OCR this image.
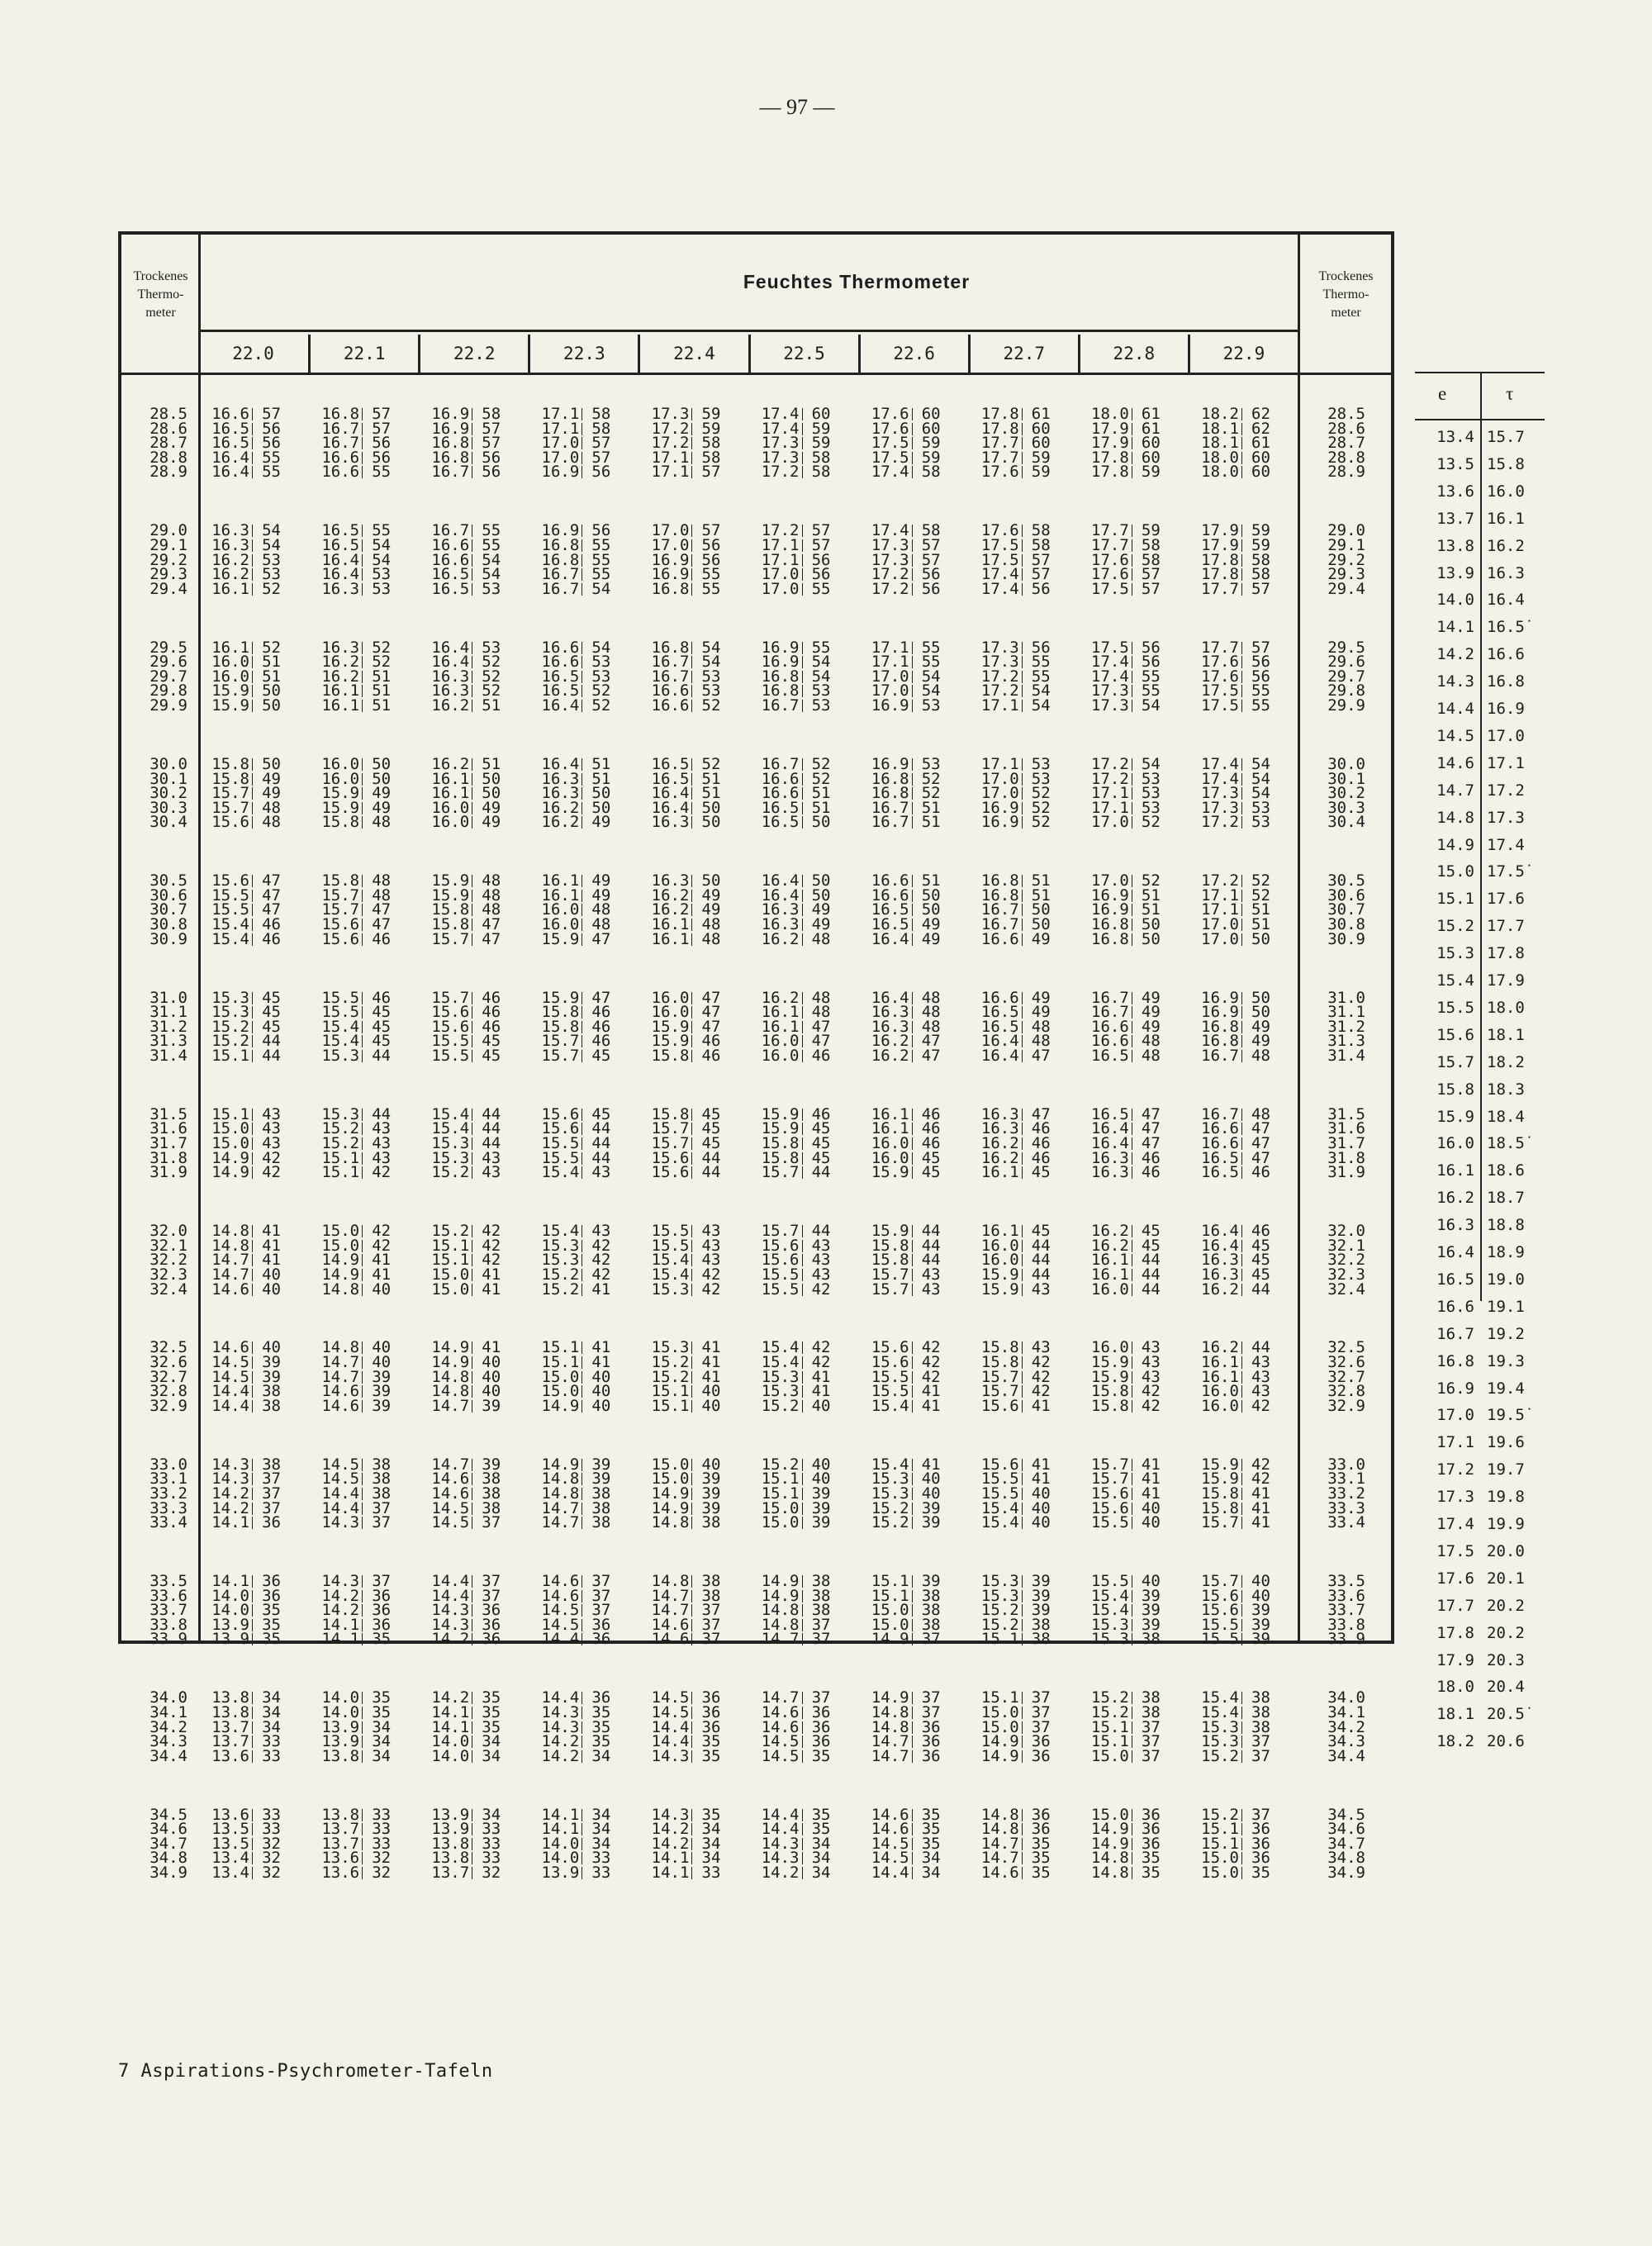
— 97 —
Trockenes
Thermo-
meter
Trockenes
Thermo-
meter
Feuchtes Thermometer
22.0	22.1	22.2	22.3	22.4	22.5	22.6	22.7	22.8	22.9
28.5	16.6 57	16.8 57	16.9 58	17.1 58	17.3 59	17.4 60	17.6 60	17.8 61	18.0 61	18.2 62	28.5
28.6	16.5 56	16.7 57	16.9 57	17.1 58	17.2 59	17.4 59	17.6 60	17.8 60	17.9 61	18.1 62	28.6
28.7	16.5 56	16.7 56	16.8 57	17.0 57	17.2 58	17.3 59	17.5 59	17.7 60	17.9 60	18.1 61	28.7
28.8	16.4 55	16.6 56	16.8 56	17.0 57	17.1 58	17.3 58	17.5 59	17.7 59	17.8 60	18.0 60	28.8
28.9	16.4 55	16.6 55	16.7 56	16.9 56	17.1 57	17.2 58	17.4 58	17.6 59	17.8 59	18.0 60	28.9
29.0	16.3 54	16.5 55	16.7 55	16.9 56	17.0 57	17.2 57	17.4 58	17.6 58	17.7 59	17.9 59	29.0
29.1	16.3 54	16.5 54	16.6 55	16.8 55	17.0 56	17.1 57	17.3 57	17.5 58	17.7 58	17.9 59	29.1
29.2	16.2 53	16.4 54	16.6 54	16.8 55	16.9 56	17.1 56	17.3 57	17.5 57	17.6 58	17.8 58	29.2
29.3	16.2 53	16.4 53	16.5 54	16.7 55	16.9 55	17.0 56	17.2 56	17.4 57	17.6 57	17.8 58	29.3
29.4	16.1 52	16.3 53	16.5 53	16.7 54	16.8 55	17.0 55	17.2 56	17.4 56	17.5 57	17.7 57	29.4
29.5	16.1 52	16.3 52	16.4 53	16.6 54	16.8 54	16.9 55	17.1 55	17.3 56	17.5 56	17.7 57	29.5
29.6	16.0 51	16.2 52	16.4 52	16.6 53	16.7 54	16.9 54	17.1 55	17.3 55	17.4 56	17.6 56	29.6
29.7	16.0 51	16.2 51	16.3 52	16.5 53	16.7 53	16.8 54	17.0 54	17.2 55	17.4 55	17.6 56	29.7
29.8	15.9 50	16.1 51	16.3 52	16.5 52	16.6 53	16.8 53	17.0 54	17.2 54	17.3 55	17.5 55	29.8
29.9	15.9 50	16.1 51	16.2 51	16.4 52	16.6 52	16.7 53	16.9 53	17.1 54	17.3 54	17.5 55	29.9
30.0	15.8 50	16.0 50	16.2 51	16.4 51	16.5 52	16.7 52	16.9 53	17.1 53	17.2 54	17.4 54	30.0
30.1	15.8 49	16.0 50	16.1 50	16.3 51	16.5 51	16.6 52	16.8 52	17.0 53	17.2 53	17.4 54	30.1
30.2	15.7 49	15.9 49	16.1 50	16.3 50	16.4 51	16.6 51	16.8 52	17.0 52	17.1 53	17.3 54	30.2
30.3	15.7 48	15.9 49	16.0 49	16.2 50	16.4 50	16.5 51	16.7 51	16.9 52	17.1 53	17.3 53	30.3
30.4	15.6 48	15.8 48	16.0 49	16.2 49	16.3 50	16.5 50	16.7 51	16.9 52	17.0 52	17.2 53	30.4
30.5	15.6 47	15.8 48	15.9 48	16.1 49	16.3 50	16.4 50	16.6 51	16.8 51	17.0 52	17.2 52	30.5
30.6	15.5 47	15.7 48	15.9 48	16.1 49	16.2 49	16.4 50	16.6 50	16.8 51	16.9 51	17.1 52	30.6
30.7	15.5 47	15.7 47	15.8 48	16.0 48	16.2 49	16.3 49	16.5 50	16.7 50	16.9 51	17.1 51	30.7
30.8	15.4 46	15.6 47	15.8 47	16.0 48	16.1 48	16.3 49	16.5 49	16.7 50	16.8 50	17.0 51	30.8
30.9	15.4 46	15.6 46	15.7 47	15.9 47	16.1 48	16.2 48	16.4 49	16.6 49	16.8 50	17.0 50	30.9
31.0	15.3 45	15.5 46	15.7 46	15.9 47	16.0 47	16.2 48	16.4 48	16.6 49	16.7 49	16.9 50	31.0
31.1	15.3 45	15.5 45	15.6 46	15.8 46	16.0 47	16.1 48	16.3 48	16.5 49	16.7 49	16.9 50	31.1
31.2	15.2 45	15.4 45	15.6 46	15.8 46	15.9 47	16.1 47	16.3 48	16.5 48	16.6 49	16.8 49	31.2
31.3	15.2 44	15.4 45	15.5 45	15.7 46	15.9 46	16.0 47	16.2 47	16.4 48	16.6 48	16.8 49	31.3
31.4	15.1 44	15.3 44	15.5 45	15.7 45	15.8 46	16.0 46	16.2 47	16.4 47	16.5 48	16.7 48	31.4
31.5	15.1 43	15.3 44	15.4 44	15.6 45	15.8 45	15.9 46	16.1 46	16.3 47	16.5 47	16.7 48	31.5
31.6	15.0 43	15.2 43	15.4 44	15.6 44	15.7 45	15.9 45	16.1 46	16.3 46	16.4 47	16.6 47	31.6
31.7	15.0 43	15.2 43	15.3 44	15.5 44	15.7 45	15.8 45	16.0 46	16.2 46	16.4 47	16.6 47	31.7
31.8	14.9 42	15.1 43	15.3 43	15.5 44	15.6 44	15.8 45	16.0 45	16.2 46	16.3 46	16.5 47	31.8
31.9	14.9 42	15.1 42	15.2 43	15.4 43	15.6 44	15.7 44	15.9 45	16.1 45	16.3 46	16.5 46	31.9
32.0	14.8 41	15.0 42	15.2 42	15.4 43	15.5 43	15.7 44	15.9 44	16.1 45	16.2 45	16.4 46	32.0
32.1	14.8 41	15.0 42	15.1 42	15.3 42	15.5 43	15.6 43	15.8 44	16.0 44	16.2 45	16.4 45	32.1
32.2	14.7 41	14.9 41	15.1 42	15.3 42	15.4 43	15.6 43	15.8 44	16.0 44	16.1 44	16.3 45	32.2
32.3	14.7 40	14.9 41	15.0 41	15.2 42	15.4 42	15.5 43	15.7 43	15.9 44	16.1 44	16.3 45	32.3
32.4	14.6 40	14.8 40	15.0 41	15.2 41	15.3 42	15.5 42	15.7 43	15.9 43	16.0 44	16.2 44	32.4
32.5	14.6 40	14.8 40	14.9 41	15.1 41	15.3 41	15.4 42	15.6 42	15.8 43	16.0 43	16.2 44	32.5
32.6	14.5 39	14.7 40	14.9 40	15.1 41	15.2 41	15.4 42	15.6 42	15.8 42	15.9 43	16.1 43	32.6
32.7	14.5 39	14.7 39	14.8 40	15.0 40	15.2 41	15.3 41	15.5 42	15.7 42	15.9 43	16.1 43	32.7
32.8	14.4 38	14.6 39	14.8 40	15.0 40	15.1 40	15.3 41	15.5 41	15.7 42	15.8 42	16.0 43	32.8
32.9	14.4 38	14.6 39	14.7 39	14.9 40	15.1 40	15.2 40	15.4 41	15.6 41	15.8 42	16.0 42	32.9
33.0	14.3 38	14.5 38	14.7 39	14.9 39	15.0 40	15.2 40	15.4 41	15.6 41	15.7 41	15.9 42	33.0
33.1	14.3 37	14.5 38	14.6 38	14.8 39	15.0 39	15.1 40	15.3 40	15.5 41	15.7 41	15.9 42	33.1
33.2	14.2 37	14.4 38	14.6 38	14.8 38	14.9 39	15.1 39	15.3 40	15.5 40	15.6 41	15.8 41	33.2
33.3	14.2 37	14.4 37	14.5 38	14.7 38	14.9 39	15.0 39	15.2 39	15.4 40	15.6 40	15.8 41	33.3
33.4	14.1 36	14.3 37	14.5 37	14.7 38	14.8 38	15.0 39	15.2 39	15.4 40	15.5 40	15.7 41	33.4
33.5	14.1 36	14.3 37	14.4 37	14.6 37	14.8 38	14.9 38	15.1 39	15.3 39	15.5 40	15.7 40	33.5
33.6	14.0 36	14.2 36	14.4 37	14.6 37	14.7 38	14.9 38	15.1 38	15.3 39	15.4 39	15.6 40	33.6
33.7	14.0 35	14.2 36	14.3 36	14.5 37	14.7 37	14.8 38	15.0 38	15.2 39	15.4 39	15.6 39	33.7
33.8	13.9 35	14.1 36	14.3 36	14.5 36	14.6 37	14.8 37	15.0 38	15.2 38	15.3 39	15.5 39	33.8
33.9	13.9 35	14.1 35	14.2 36	14.4 36	14.6 37	14.7 37	14.9 37	15.1 38	15.3 38	15.5 39	33.9
34.0	13.8 34	14.0 35	14.2 35	14.4 36	14.5 36	14.7 37	14.9 37	15.1 37	15.2 38	15.4 38	34.0
34.1	13.8 34	14.0 35	14.1 35	14.3 35	14.5 36	14.6 36	14.8 37	15.0 37	15.2 38	15.4 38	34.1
34.2	13.7 34	13.9 34	14.1 35	14.3 35	14.4 36	14.6 36	14.8 36	15.0 37	15.1 37	15.3 38	34.2
34.3	13.7 33	13.9 34	14.0 34	14.2 35	14.4 35	14.5 36	14.7 36	14.9 36	15.1 37	15.3 37	34.3
34.4	13.6 33	13.8 34	14.0 34	14.2 34	14.3 35	14.5 35	14.7 36	14.9 36	15.0 37	15.2 37	34.4
34.5	13.6 33	13.8 33	13.9 34	14.1 34	14.3 35	14.4 35	14.6 35	14.8 36	15.0 36	15.2 37	34.5
34.6	13.5 33	13.7 33	13.9 33	14.1 34	14.2 34	14.4 35	14.6 35	14.8 36	14.9 36	15.1 36	34.6
34.7	13.5 32	13.7 33	13.8 33	14.0 34	14.2 34	14.3 34	14.5 35	14.7 35	14.9 36	15.1 36	34.7
34.8	13.4 32	13.6 32	13.8 33	14.0 33	14.1 34	14.3 34	14.5 34	14.7 35	14.8 35	15.0 36	34.8
34.9	13.4 32	13.6 32	13.7 32	13.9 33	14.1 33	14.2 34	14.4 34	14.6 35	14.8 35	15.0 35	34.9
e	τ
13.4 15.7
13.5 15.8
13.6 16.0
13.7 16.1
13.8 16.2
13.9 16.3
14.0 16.4
14.1 16.5̇
14.2 16.6
14.3 16.8
14.4 16.9
14.5 17.0
14.6 17.1
14.7 17.2
14.8 17.3
14.9 17.4
15.0 17.5̇
15.1 17.6
15.2 17.7
15.3 17.8
15.4 17.9
15.5 18.0
15.6 18.1
15.7 18.2
15.8 18.3
15.9 18.4
16.0 18.5̇
16.1 18.6
16.2 18.7
16.3 18.8
16.4 18.9
16.5 19.0
16.6 19.1
16.7 19.2
16.8 19.3
16.9 19.4
17.0 19.5̇
17.1 19.6
17.2 19.7
17.3 19.8
17.4 19.9
17.5 20.0
17.6 20.1
17.7 20.2
17.8 20.2
17.9 20.3
18.0 20.4
18.1 20.5̇
18.2 20.6
7 Aspirations-Psychrometer-Tafeln
